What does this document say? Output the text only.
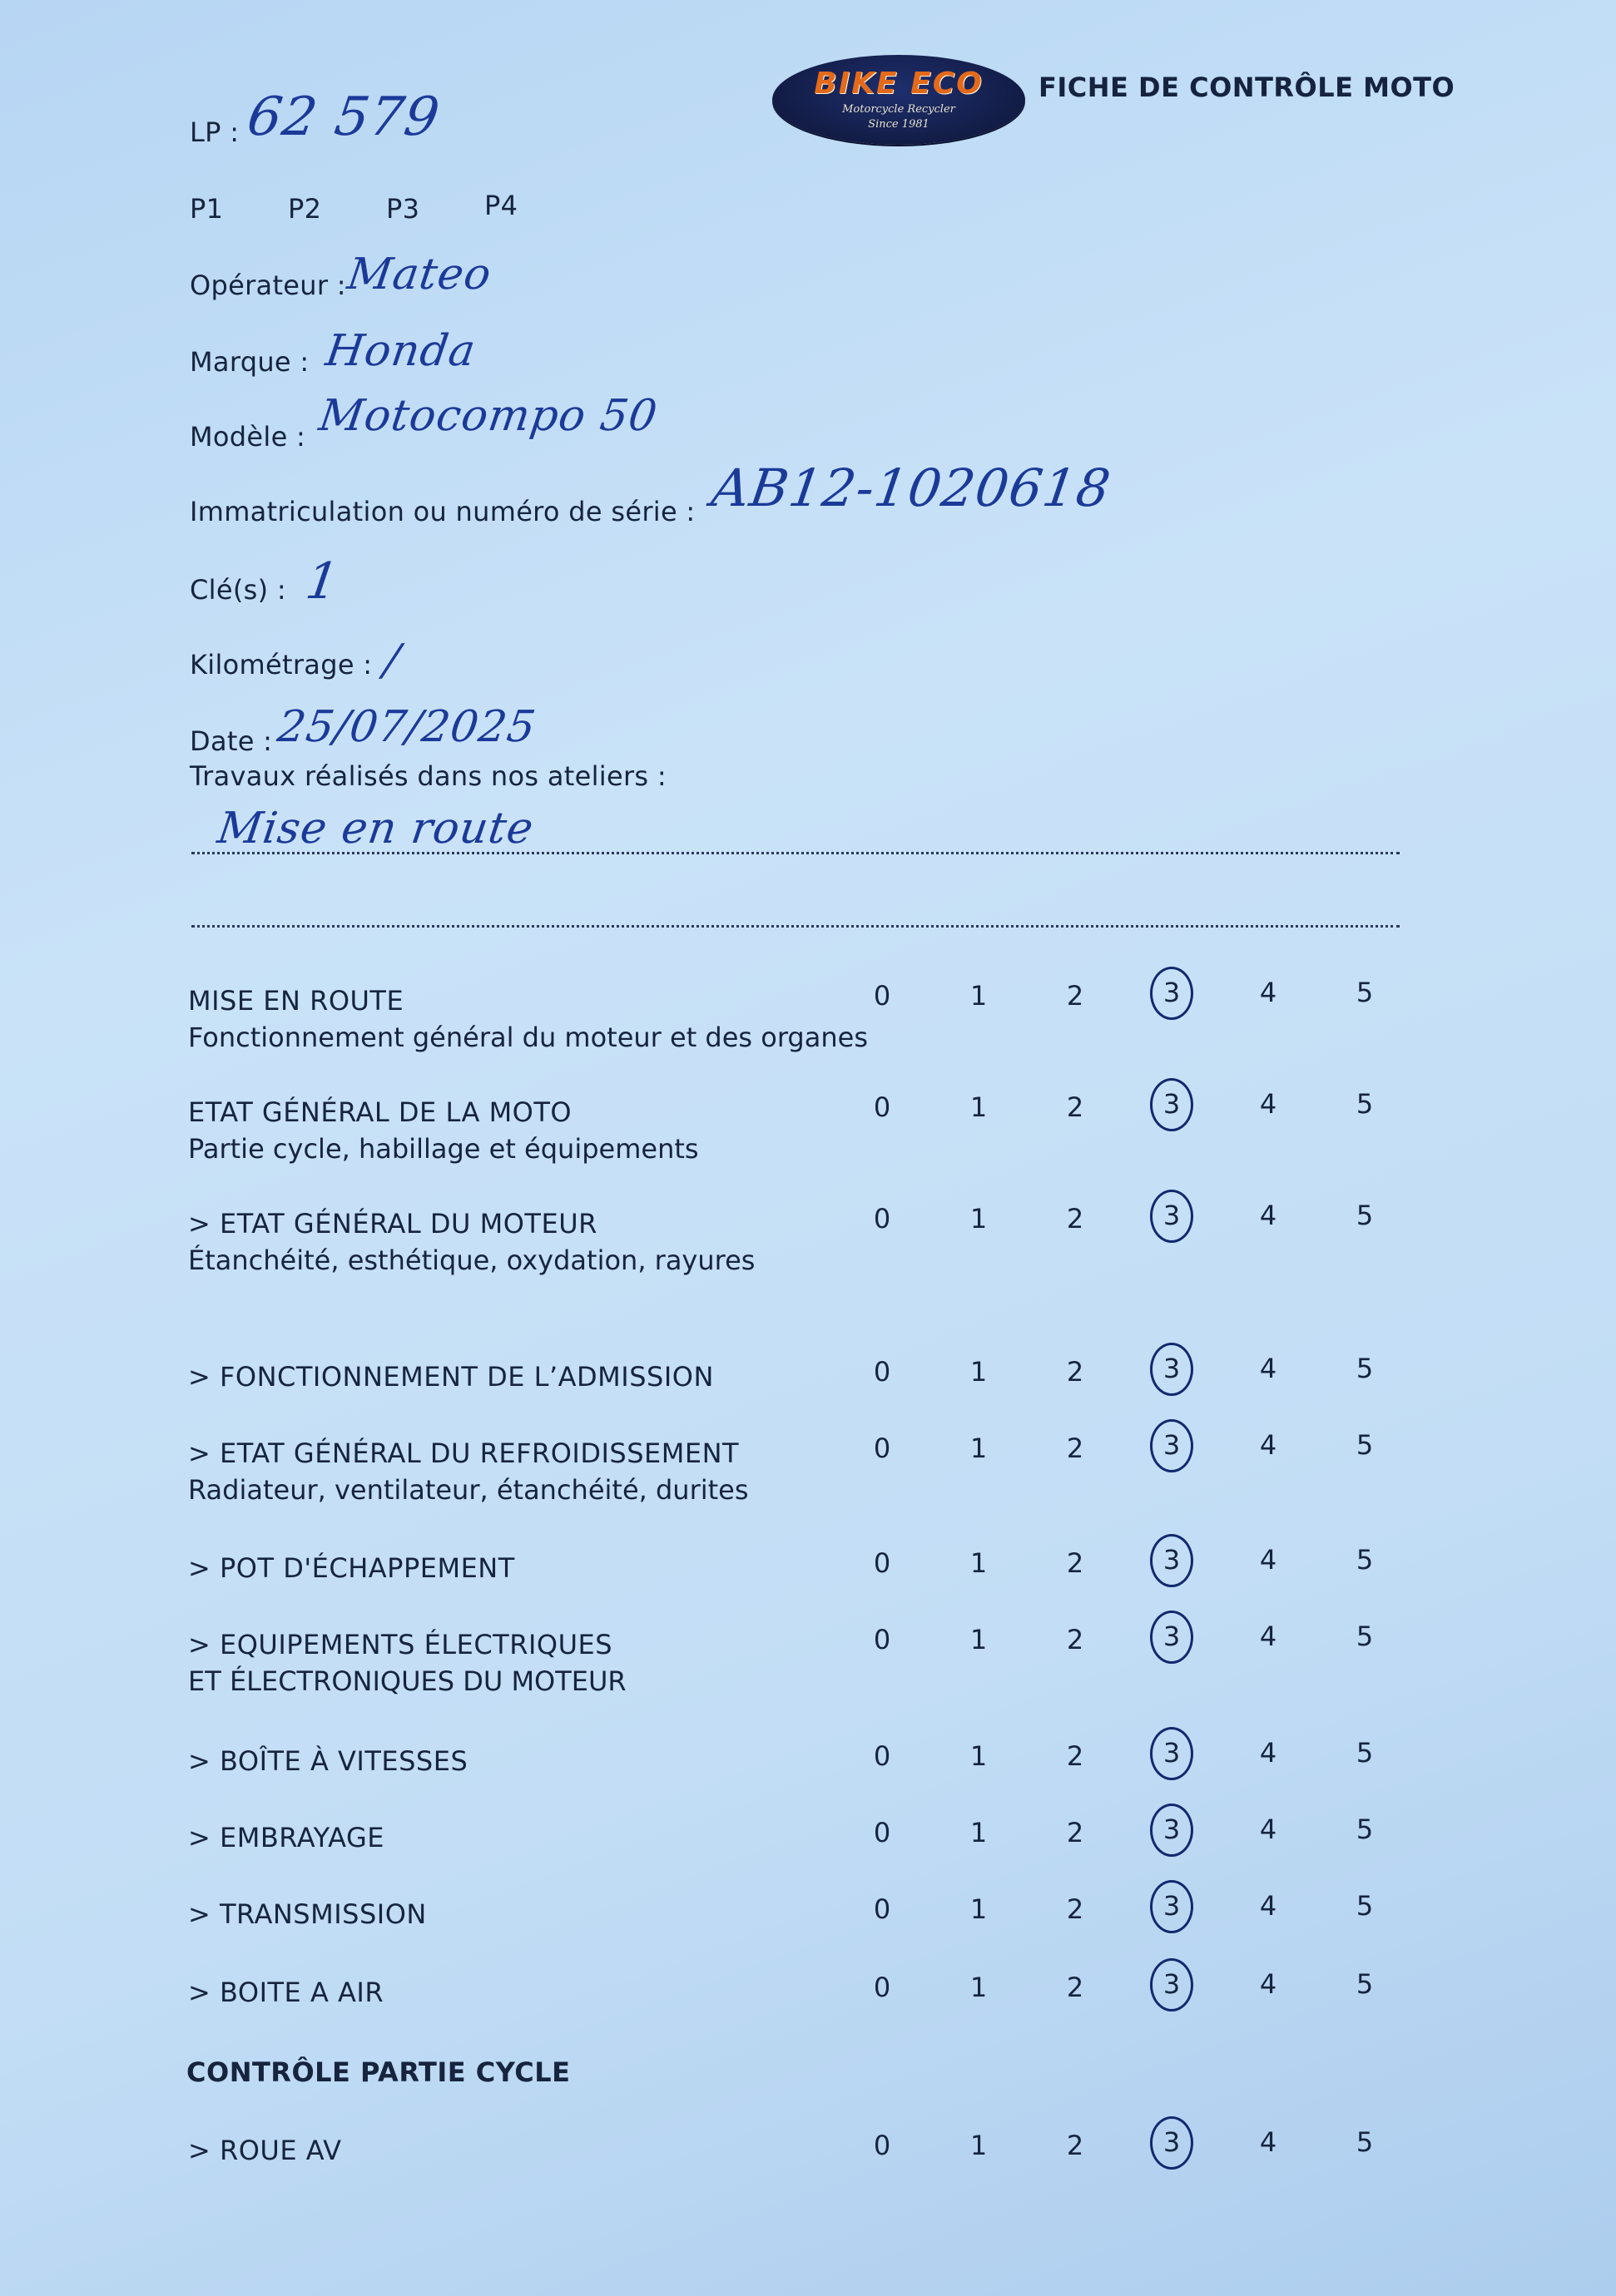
BIKE ECO
Motorcycle Recycler
Since 1981
FICHE DE CONTRÔLE MOTO
LP : 62 579
P1 P2 P3 P4
Opérateur :
Mateo
Marque : Honda
Modèle : Motocompo 50
Immatriculation ou numéro de série : AB12-1020618
Clé(s) : 1
Kilométrage : /
Date : 25/07/2025
Travaux réalisés dans nos ateliers :
Mise en route
MISE EN ROUTE
Fonctionnement général du moteur et des organes
0	1	2	3	4	5
ETAT GÉNÉRAL DE LA MOTO
Partie cycle, habillage et équipements
0	1	2	3	4	5
> ETAT GÉNÉRAL DU MOTEUR
Étanchéité, esthétique, oxydation, rayures
0	1	2	3	4	5
> FONCTIONNEMENT DE L’ADMISSION	0	1	2	3	4	5
> ETAT GÉNÉRAL DU REFROIDISSEMENT
Radiateur, ventilateur, étanchéité, durites
0	1	2	3	4	5
> POT D'ÉCHAPPEMENT	0	1	2	3	4	5
> EQUIPEMENTS ÉLECTRIQUES
ET ÉLECTRONIQUES DU MOTEUR
0	1	2	3	4	5
> BOÎTE À VITESSES	0	1	2	3	4	5
> EMBRAYAGE	0	1	2	3	4	5
> TRANSMISSION	0	1	2	3	4	5
> BOITE A AIR	0	1	2	3	4	5
CONTRÔLE PARTIE CYCLE
> ROUE AV	0	1	2	3	4	5
